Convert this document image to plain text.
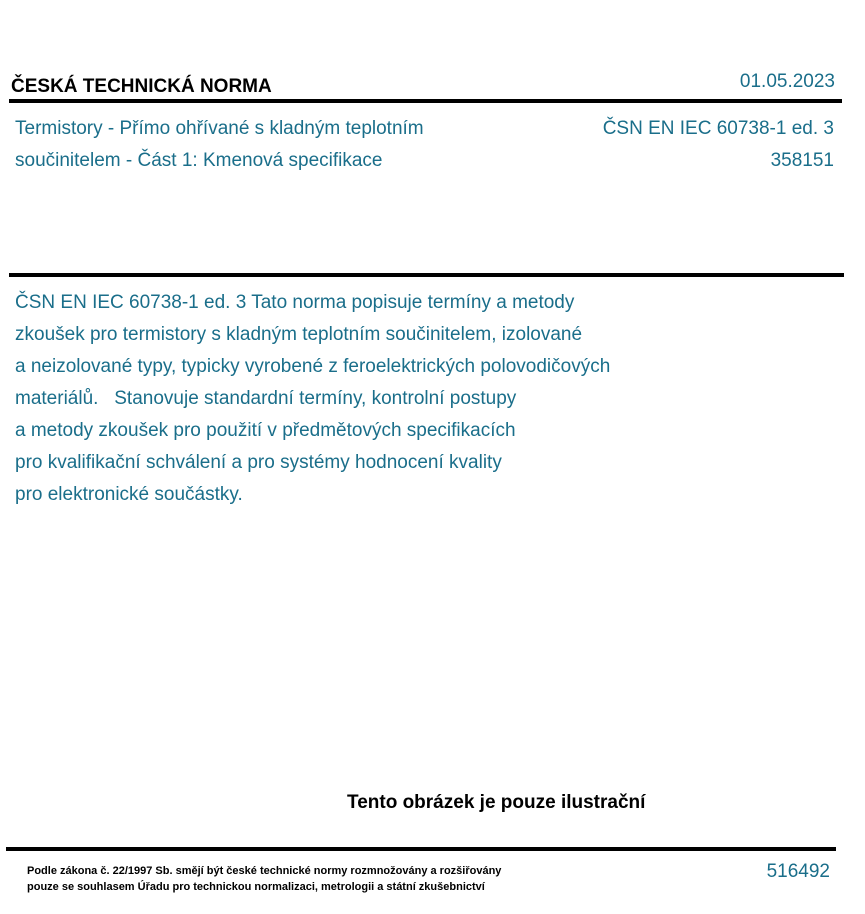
ČESKÁ TECHNICKÁ NORMA	01.05.2023
Termistory - Přímo ohřívané s kladným teplotním
součinitelem - Část 1: Kmenová specifikace
ČSN EN IEC 60738-1 ed. 3
358151
ČSN EN IEC 60738-1 ed. 3 Tato norma popisuje termíny a metody
zkoušek pro termistory s kladným teplotním součinitelem, izolované
a neizolované typy, typicky vyrobené z feroelektrických polovodičových
materiálů.   Stanovuje standardní termíny, kontrolní postupy
a metody zkoušek pro použití v předmětových specifikacích
pro kvalifikační schválení a pro systémy hodnocení kvality
pro elektronické součástky.
Tento obrázek je pouze ilustrační
Podle zákona č. 22/1997 Sb. smějí být české technické normy rozmnožovány a rozšiřovány
pouze se souhlasem Úřadu pro technickou normalizaci, metrologii a státní zkušebnictví
516492
